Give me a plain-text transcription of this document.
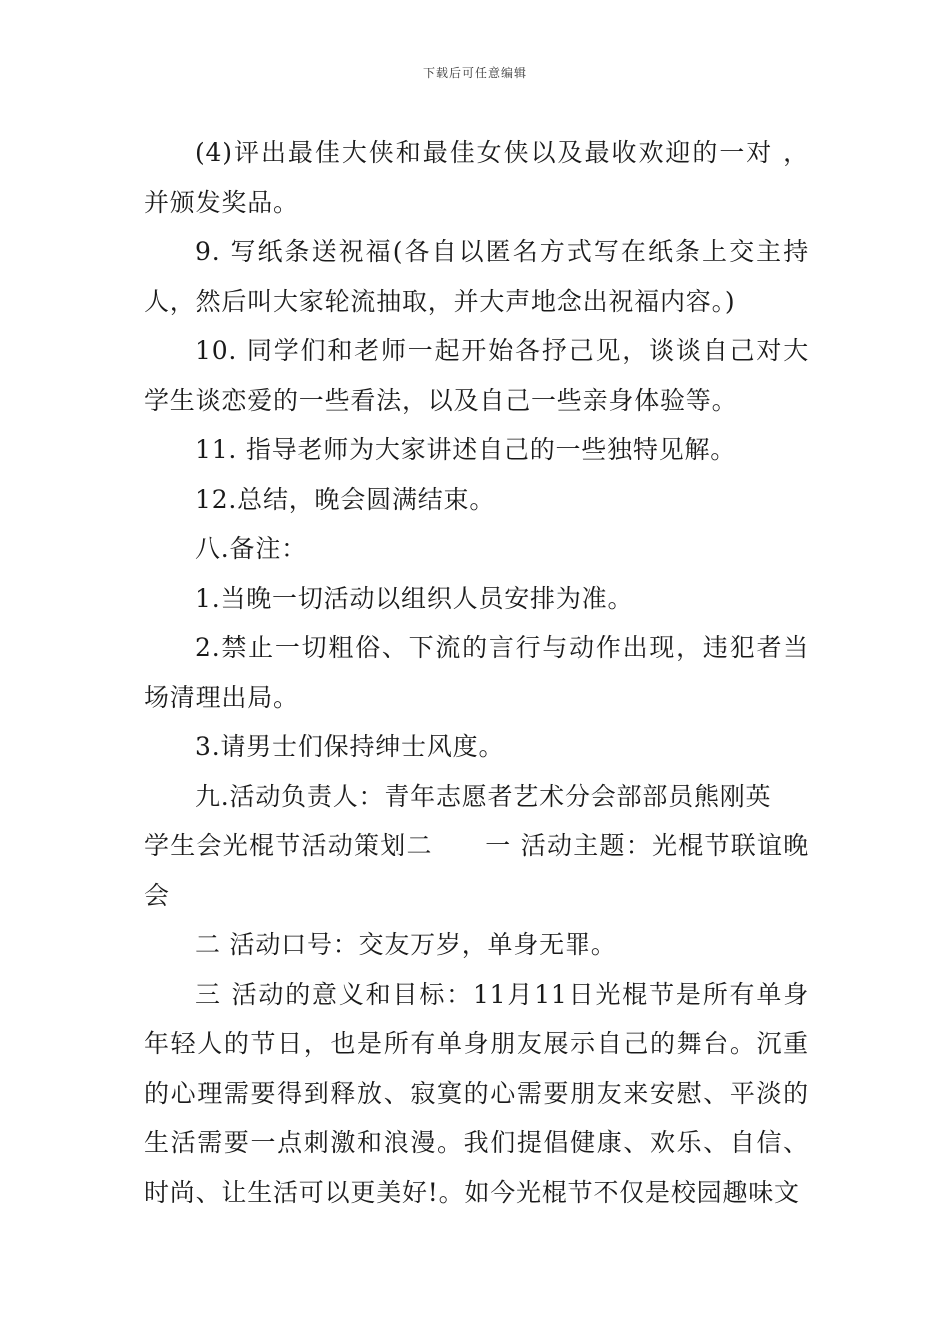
下载后可任意编辑

(4)评出最佳大侠和最佳女侠以及最收欢迎的一对 ，并颁发奖品。

9. 写纸条送祝福(各自以匿名方式写在纸条上交主持人，然后叫大家轮流抽取，并大声地念出祝福内容。)

10. 同学们和老师一起开始各抒己见，谈谈自己对大学生谈恋爱的一些看法，以及自己一些亲身体验等。

11. 指导老师为大家讲述自己的一些独特见解。

12.总结，晚会圆满结束。

八.备注：

1.当晚一切活动以组织人员安排为准。

2.禁止一切粗俗、下流的言行与动作出现，违犯者当场清理出局。

3.请男士们保持绅士风度。

九.活动负责人：青年志愿者艺术分会部部员熊刚英

学生会光棍节活动策划二　　一 活动主题：光棍节联谊晚会

二 活动口号：交友万岁，单身无罪。

三 活动的意义和目标：11月11日光棍节是所有单身年轻人的节日，也是所有单身朋友展示自己的舞台。沉重的心理需要得到释放、寂寞的心需要朋友来安慰、平淡的生活需要一点刺激和浪漫。我们提倡健康、欢乐、自信、时尚、让生活可以更美好!。如今光棍节不仅是校园趣味文
